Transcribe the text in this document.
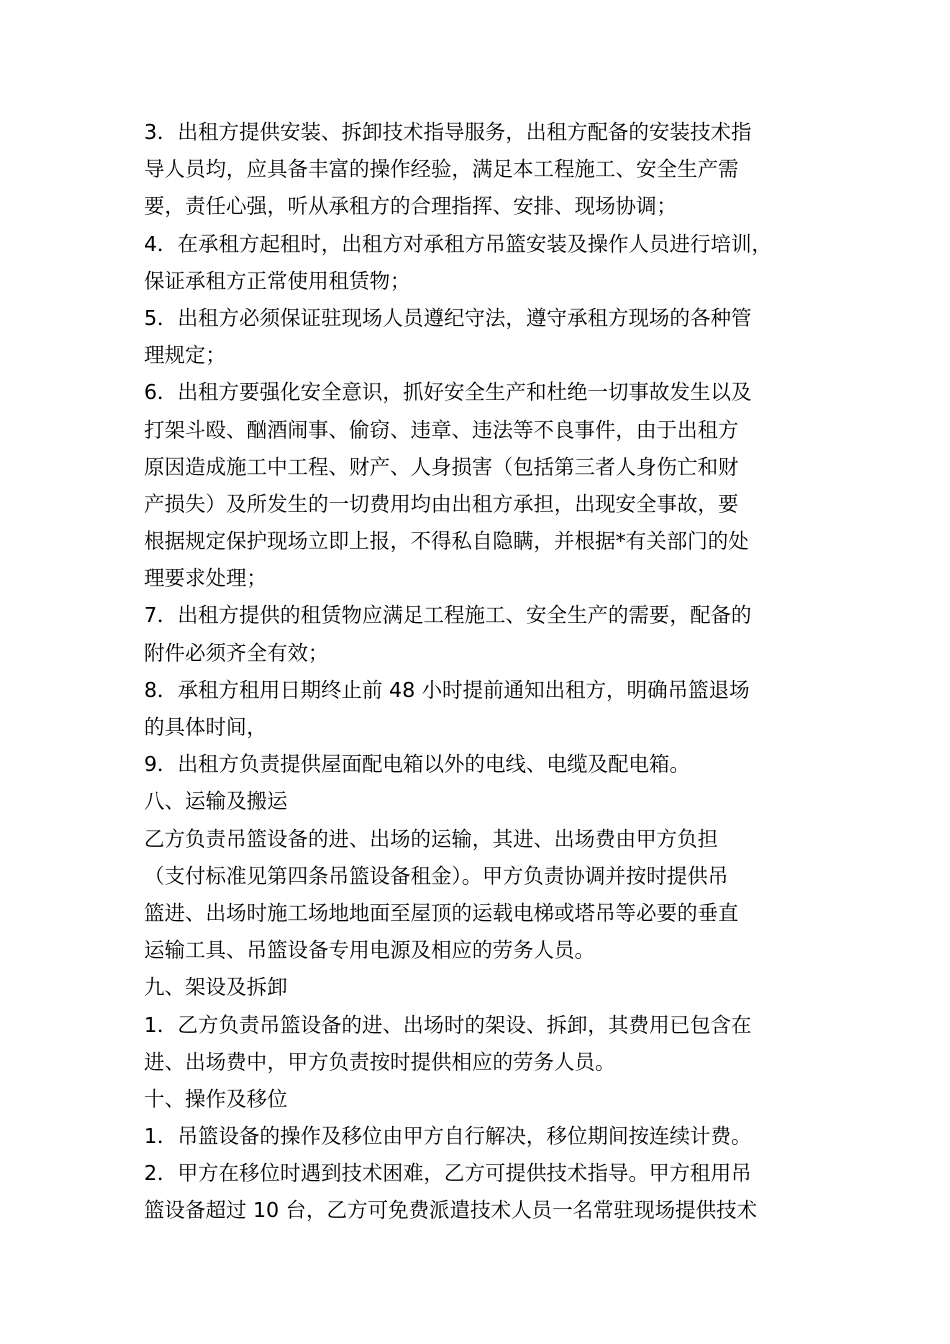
3．出租方提供安装、拆卸技术指导服务，出租方配备的安装技术指
导人员均，应具备丰富的操作经验，满足本工程施工、安全生产需
要，责任心强，听从承租方的合理指挥、安排、现场协调；
4．在承租方起租时，出租方对承租方吊篮安装及操作人员进行培训，
保证承租方正常使用租赁物；
5．出租方必须保证驻现场人员遵纪守法，遵守承租方现场的各种管
理规定；
6．出租方要强化安全意识，抓好安全生产和杜绝一切事故发生以及
打架斗殴、酗酒闹事、偷窃、违章、违法等不良事件，由于出租方
原因造成施工中工程、财产、人身损害（包括第三者人身伤亡和财
产损失）及所发生的一切费用均由出租方承担，出现安全事故，要
根据规定保护现场立即上报，不得私自隐瞒，并根据*有关部门的处
理要求处理；
7．出租方提供的租赁物应满足工程施工、安全生产的需要，配备的
附件必须齐全有效；
8．承租方租用日期终止前 48 小时提前通知出租方，明确吊篮退场
的具体时间，
9．出租方负责提供屋面配电箱以外的电线、电缆及配电箱。
八、运输及搬运
乙方负责吊篮设备的进、出场的运输，其进、出场费由甲方负担
（支付标准见第四条吊篮设备租金）。甲方负责协调并按时提供吊
篮进、出场时施工场地地面至屋顶的运载电梯或塔吊等必要的垂直
运输工具、吊篮设备专用电源及相应的劳务人员。
九、架设及拆卸
1．乙方负责吊篮设备的进、出场时的架设、拆卸，其费用已包含在
进、出场费中，甲方负责按时提供相应的劳务人员。
十、操作及移位
1．吊篮设备的操作及移位由甲方自行解决，移位期间按连续计费。
2．甲方在移位时遇到技术困难，乙方可提供技术指导。甲方租用吊
篮设备超过 10 台，乙方可免费派遣技术人员一名常驻现场提供技术
